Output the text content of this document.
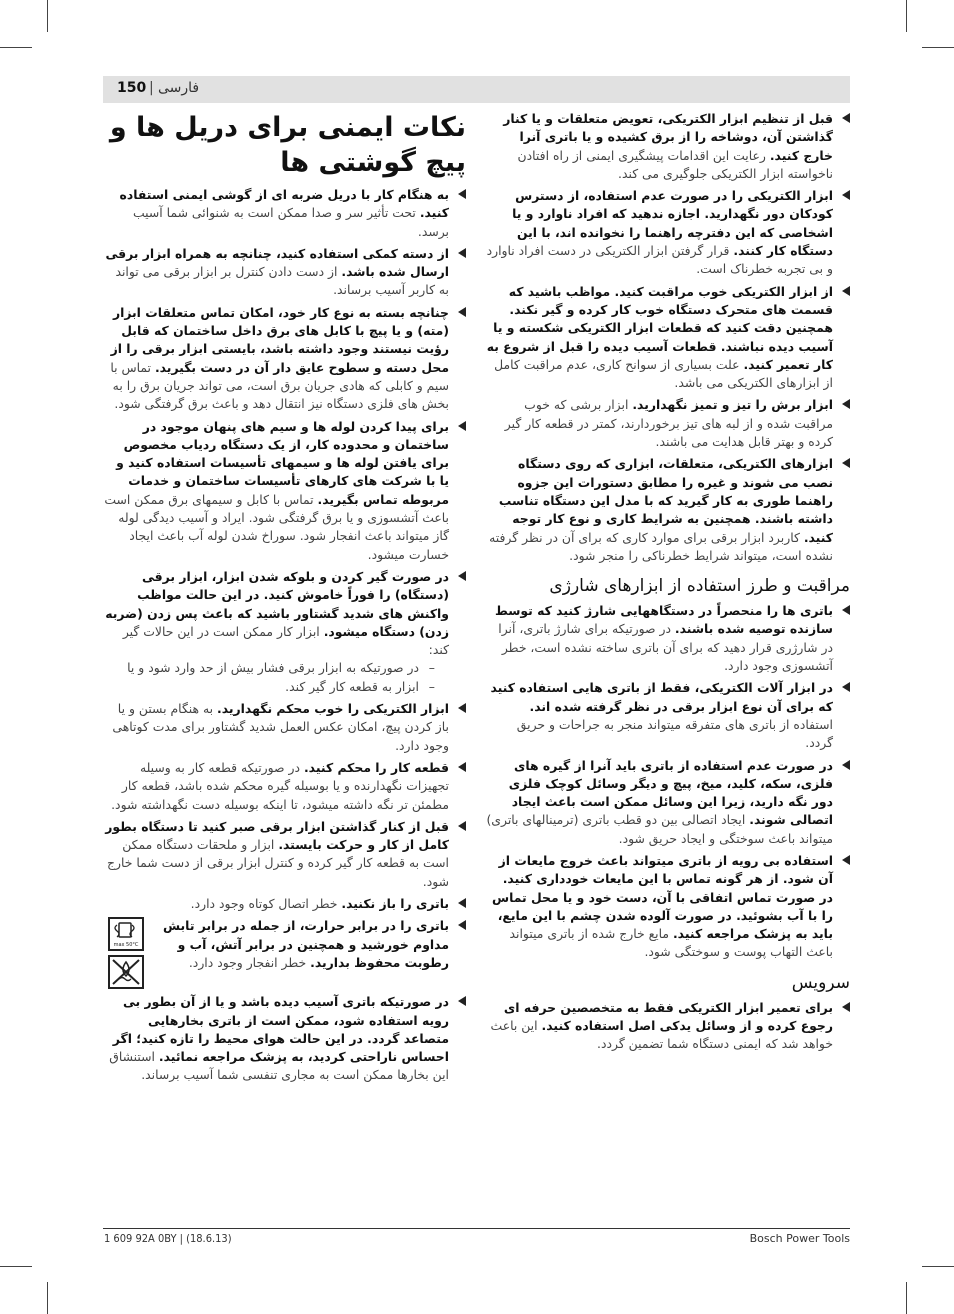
150 | فارسی
قبل از تنظیم ابزار الکتریکی، تعویض متعلقات و یا کنار گذاشتن آن، دوشاخه را از برق کشیده و یا باتری آنرا خارج کنید. رعایت این اقدامات پیشگیری ایمنی از راه افتادن ناخواسته ابزار الکتریکی جلوگیری می کند.
ابزار الکتریکی را در صورت عدم استفاده، از دسترس کودکان دور نگهدارید. اجازه ندهید که افراد ناوارد و یا اشخاصی که این دفترچه راهنما را نخوانده اند، با این دستگاه کار کنند. قرار گرفتن ابزار الکتریکی در دست افراد ناوارد و بی تجربه خطرناک است.
از ابزار الکتریکی خوب مراقبت کنید. مواظب باشید که قسمت های متحرک دستگاه خوب کار کرده و گیر نکند. همچنین دقت کنید که قطعات ابزار الکتریکی شکسته و یا آسیب دیده نباشند. قطعات آسیب دیده را قبل از شروع به کار تعمیر کنید. علت بسیاری از سوانح کاری، عدم مراقبت کامل از ابزارهای الکتریکی می باشد.
ابزار برش را تیز و تمیز نگهدارید. ابزار برشی که خوب مراقبت شده و از لبه های تیز برخوردارند، کمتر در قطعه کار گیر کرده و بهتر قابل هدایت می باشند.
ابزارهای الکتریکی، متعلقات، ابزاری که روی دستگاه نصب می شوند و غیره را مطابق دستورات این جزوه راهنما طوری به کار گیرید که با مدل این دستگاه تناسب داشته باشند. همچنین به شرایط کاری و نوع کار توجه کنید. کاربرد ابزار برقی برای موارد کاری که برای آن در نظر گرفته نشده است، میتواند شرایط خطرناکی را منجر شود.
مراقبت و طرز استفاده از ابزارهای شارژی
باتری ها را منحصراً در دستگاههایی شارژ کنید که توسط سازنده توصیه شده باشند. در صورتیکه برای شارژ باتری، آنرا در شارژری قرار دهید که برای آن باتری ساخته نشده است، خطر آتشسوزی وجود دارد.
در ابزار آلات الکتریکی، فقط از باتری هایی استفاده کنید که برای آن نوع ابزار برقی در نظر گرفته شده اند. استفاده از باتری های متفرقه میتواند منجر به جراحات و حریق گردد.
در صورت عدم استفاده از باتری باید آنرا از گیره های فلزی، سکه، کلید، میخ، پیچ و دیگر وسائل کوچک فلزی دور نگه دارید، زیرا این وسائل ممکن است باعث ایجاد اتصالی شوند. ایجاد اتصالی بین دو قطب باتری (ترمینالهای باتری) میتواند باعث سوختگی و ایجاد حریق شود.
استفاده بی رویه از باتری میتواند باعث خروج مایعات از آن شود. از هر گونه تماس با این مایعات خودداری کنید. در صورت تماس اتفاقی با آن، دست خود و یا محل تماس را با آب بشوئید. در صورت آلوده شدن چشم با این مایع، باید به پزشک مراجعه کنید. مایع خارج شده از باتری میتواند باعث التهاب پوست و سوختگی شود.
سرویس
برای تعمیر ابزار الکتریکی فقط به متخصصین حرفه ای رجوع کرده و از وسائل یدکی اصل استفاده کنید. این باعث خواهد شد که ایمنی دستگاه شما تضمین گردد.
نکات ایمنی برای دریل ها و پیچ گوشتی ها
به هنگام کار با دریل ضربه ای از گوشی ایمنی استفاده کنید. تحت تأثیر سر و صدا ممکن است به شنوائی شما آسیب برسد.
از دسته کمکی استفاده کنید، چنانچه به همراه ابزار برقی ارسال شده باشد. از دست دادن کنترل بر ابزار برقی می تواند به کاربر آسیب برساند.
چنانچه بسته به نوع کار خود، امکان تماس متعلقات ابزار (مته) و یا پیچ با کابل های برق داخل ساختمان که قابل رؤیت نیستند وجود داشته باشد، بایستی ابزار برقی را از محل دسته و سطوح عایق دار آن در دست بگیرید. تماس با سیم و کابلی که هادی جریان برق است، می تواند جریان برق را به بخش های فلزی دستگاه نیز انتقال دهد و باعث برق گرفتگی شود.
برای پیدا کردن لوله ها و سیم های پنهان موجود در ساختمان و محدوده کار، از یک دستگاه ردیاب مخصوص برای یافتن لوله ها و سیمهای تأسیسات استفاده کنید و یا با شرکت های کارهای تأسیسات ساختمان و خدمات مربوطه تماس بگیرید. تماس با کابل و سیمهای برق ممکن است باعث آتشسوزی و یا برق گرفتگی شود. ایراد و آسیب دیدگی لوله گاز میتواند باعث انفجار شود. سوراخ شدن لوله آب باعث ایجاد خسارت میشود.
در صورت گیر کردن و بلوکه شدن ابزار، ابزار برقی (دستگاه) را فوراً خاموش کنید. در این حالت مواظب واکنش های شدید گشتاور باشید که باعث پس زدن (ضربه زدن) دستگاه میشود. ابزار کار ممکن است در این حالات گیر کند:
–
در صورتیکه به ابزار برقی فشار بیش از حد وارد شود و یا
–
ابزار به قطعه کار گیر کند.
ابزار الکتریکی را خوب محکم نگهدارید. به هنگام بستن و یا باز کردن پیچ، امکان عکس العمل شدید گشتاور برای مدت کوتاهی وجود دارد.
قطعه کار را محکم کنید. در صورتیکه قطعه کار به وسیله تجهیزات نگهدارنده و یا بوسیله گیره محکم شده باشد، قطعه کار مطمئن تر نگه داشته میشود، تا اینکه بوسیله دست نگهداشته شود.
قبل از کنار گذاشتن ابزار برقی صبر کنید تا دستگاه بطور کامل از کار و حرکت بایستد. ابزار و ملحقات دستگاه ممکن است به قطعه کار گیر کرده و کنترل ابزار برقی از دست شما خارج شود.
باتری را باز نکنید. خطر اتصال کوتاه وجود دارد.
باتری را در برابر حرارت، از جمله در برابر تابش مداوم خورشید و همچنین در برابر آتش، آب و رطوبت محفوظ بدارید. خطر انفجار وجود دارد.
max 50°C
در صورتیکه باتری آسیب دیده باشد و یا از آن بطور بی رویه استفاده شود، ممکن است از باتری بخارهایی متصاعد گردد. در این حالت هوای محیط را تازه کنید؛ اگر احساس ناراحتی کردید، به پزشک مراجعه نمائید. استنشاق این بخارها ممکن است به مجاری تنفسی شما آسیب برساند.
1 609 92A 0BY | (18.6.13)	Bosch Power Tools
